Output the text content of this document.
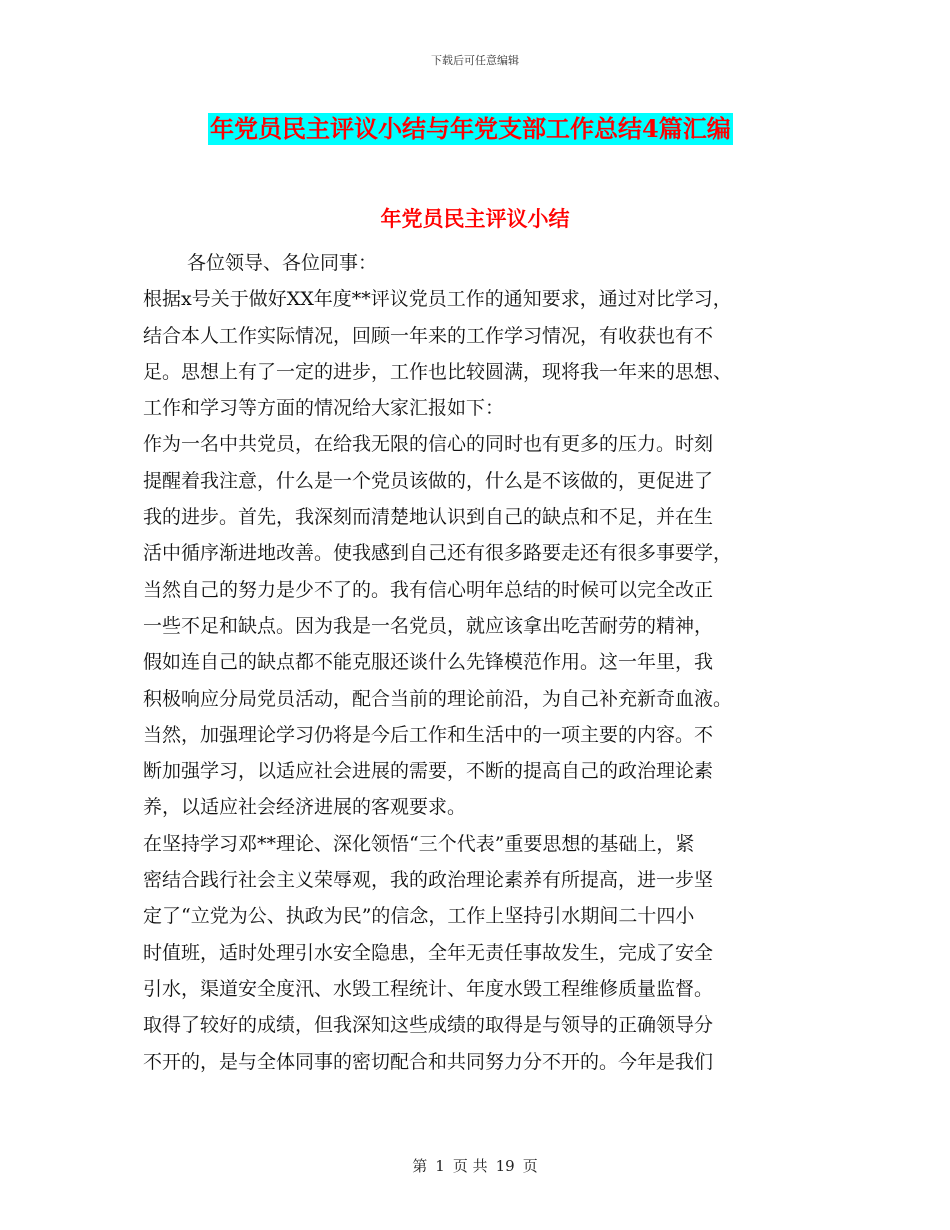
下载后可任意编辑
年党员民主评议小结与年党支部工作总结4篇汇编
年党员民主评议小结
各位领导、各位同事：
根据x号关于做好XX年度**评议党员工作的通知要求，通过对比学习，
结合本人工作实际情况，回顾一年来的工作学习情况，有收获也有不
足。思想上有了一定的进步，工作也比较圆满，现将我一年来的思想、
工作和学习等方面的情况给大家汇报如下：
作为一名中共党员，在给我无限的信心的同时也有更多的压力。时刻
提醒着我注意，什么是一个党员该做的，什么是不该做的，更促进了
我的进步。首先，我深刻而清楚地认识到自己的缺点和不足，并在生
活中循序渐进地改善。使我感到自己还有很多路要走还有很多事要学，
当然自己的努力是少不了的。我有信心明年总结的时候可以完全改正
一些不足和缺点。因为我是一名党员，就应该拿出吃苦耐劳的精神，
假如连自己的缺点都不能克服还谈什么先锋模范作用。这一年里，我
积极响应分局党员活动，配合当前的理论前沿，为自己补充新奇血液。
当然，加强理论学习仍将是今后工作和生活中的一项主要的内容。不
断加强学习，以适应社会进展的需要，不断的提高自己的政治理论素
养，以适应社会经济进展的客观要求。
在坚持学习邓**理论、深化领悟“三个代表”重要思想的基础上，紧
密结合践行社会主义荣辱观，我的政治理论素养有所提高，进一步坚
定了“立党为公、执政为民”的信念，工作上坚持引水期间二十四小
时值班，适时处理引水安全隐患，全年无责任事故发生，完成了安全
引水，渠道安全度汛、水毁工程统计、年度水毁工程维修质量监督。
取得了较好的成绩，但我深知这些成绩的取得是与领导的正确领导分
不开的，是与全体同事的密切配合和共同努力分不开的。今年是我们
第 1 页 共 19 页
